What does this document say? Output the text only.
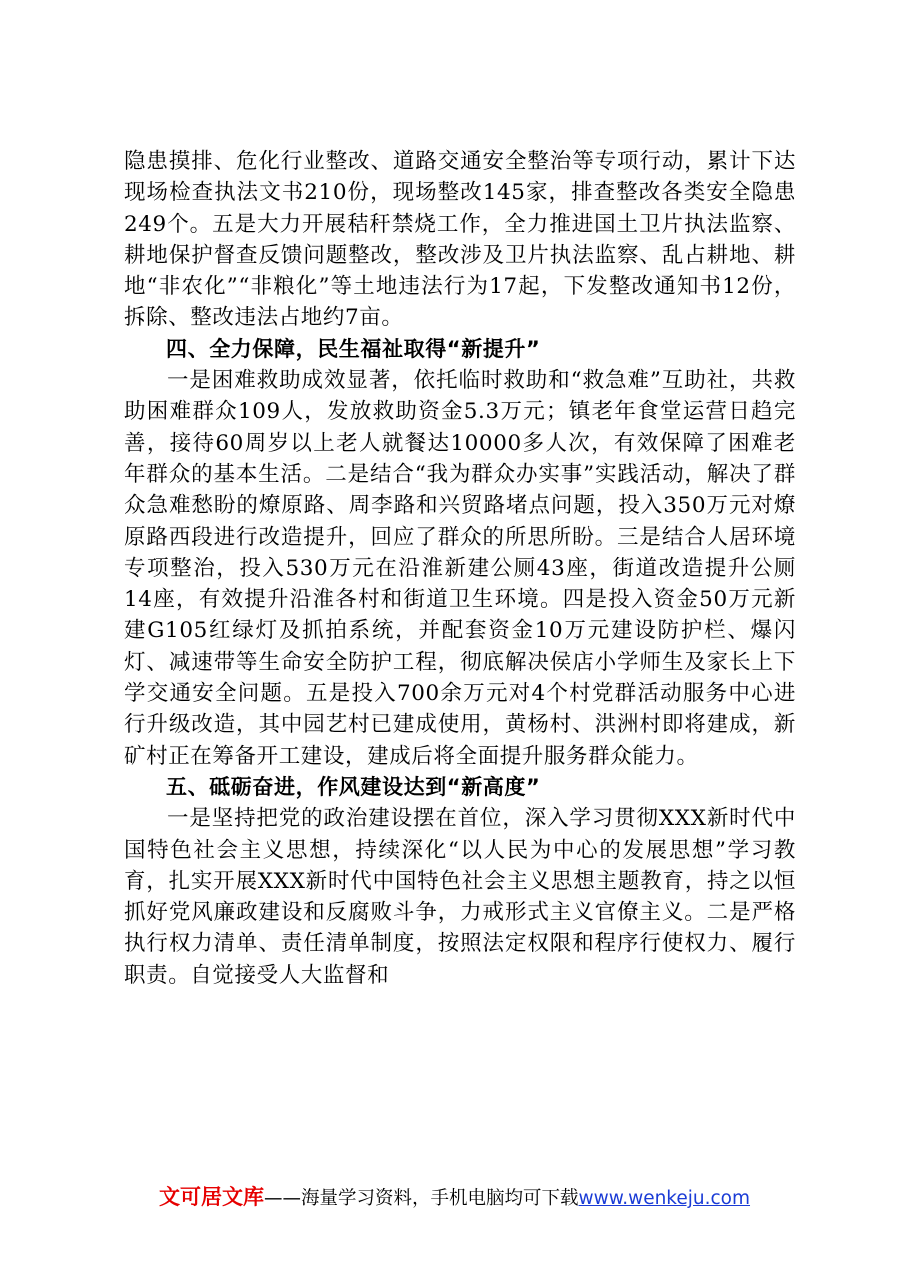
隐患摸排、危化行业整改、道路交通安全整治等专项行动，累计下达现场检查执法文书210份，现场整改145家，排查整改各类安全隐患249个。五是大力开展秸秆禁烧工作，全力推进国土卫片执法监察、耕地保护督查反馈问题整改，整改涉及卫片执法监察、乱占耕地、耕地“非农化”“非粮化”等土地违法行为17起，下发整改通知书12份，拆除、整改违法占地约7亩。

四、全力保障，民生福祉取得“新提升”

一是困难救助成效显著，依托临时救助和“救急难”互助社，共救助困难群众109人，发放救助资金5.3万元；镇老年食堂运营日趋完善，接待60周岁以上老人就餐达10000多人次，有效保障了困难老年群众的基本生活。二是结合“我为群众办实事”实践活动，解决了群众急难愁盼的燎原路、周李路和兴贸路堵点问题，投入350万元对燎原路西段进行改造提升，回应了群众的所思所盼。三是结合人居环境专项整治，投入530万元在沿淮新建公厕43座，街道改造提升公厕14座，有效提升沿淮各村和街道卫生环境。四是投入资金50万元新建G105红绿灯及抓拍系统，并配套资金10万元建设防护栏、爆闪灯、减速带等生命安全防护工程，彻底解决侯店小学师生及家长上下学交通安全问题。五是投入700余万元对4个村党群活动服务中心进行升级改造，其中园艺村已建成使用，黄杨村、洪洲村即将建成，新矿村正在筹备开工建设，建成后将全面提升服务群众能力。

五、砥砺奋进，作风建设达到“新高度”

一是坚持把党的政治建设摆在首位，深入学习贯彻XXX新时代中国特色社会主义思想，持续深化“以人民为中心的发展思想”学习教育，扎实开展XXX新时代中国特色社会主义思想主题教育，持之以恒抓好党风廉政建设和反腐败斗争，力戒形式主义官僚主义。二是严格执行权力清单、责任清单制度，按照法定权限和程序行使权力、履行职责。自觉接受人大监督和

文可居文库——海量学习资料，手机电脑均可下载www.wenkeju.com
